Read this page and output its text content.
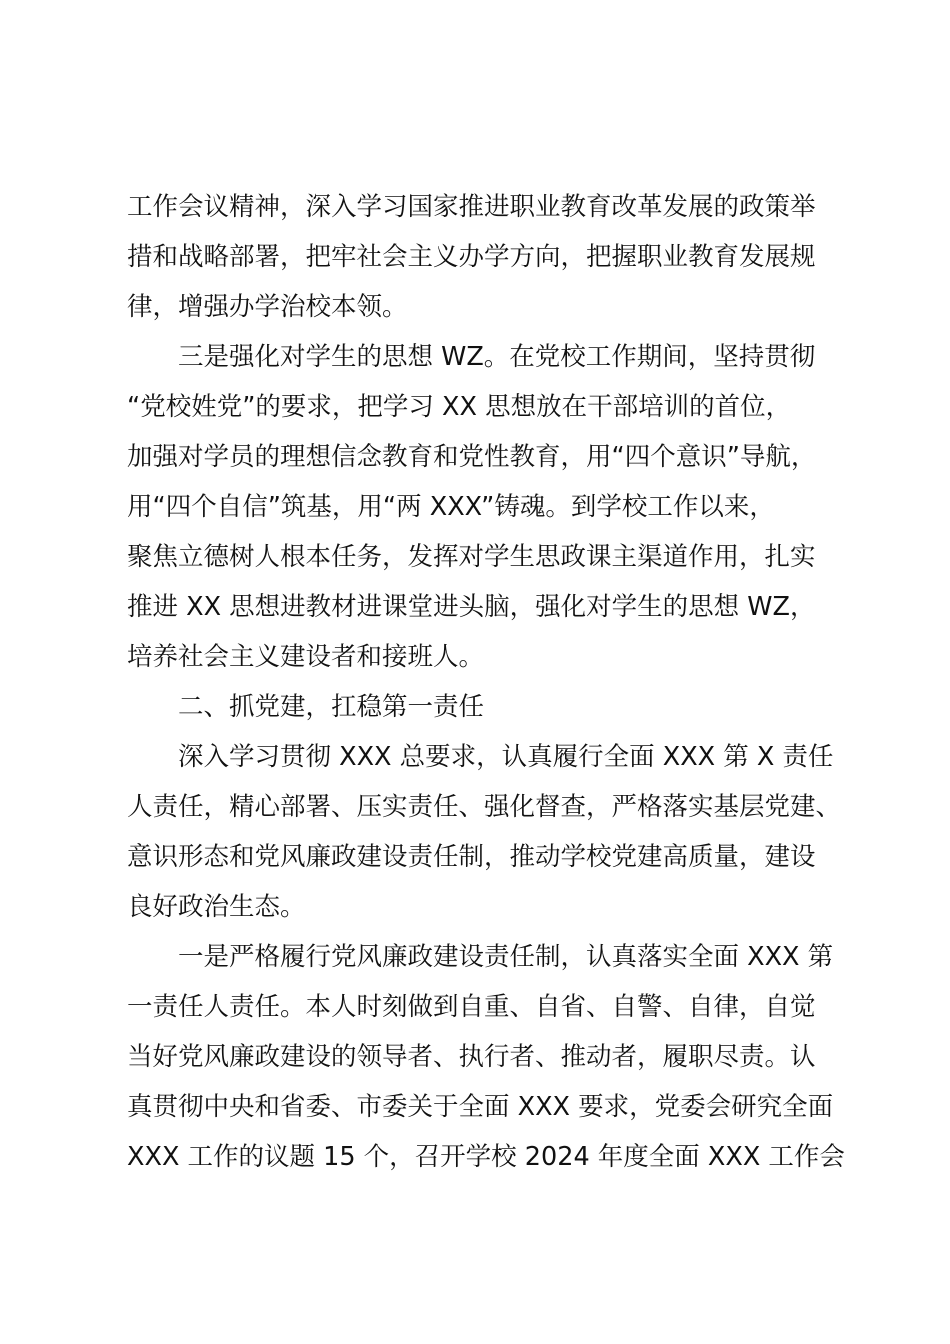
工作会议精神，深入学习国家推进职业教育改革发展的政策举
措和战略部署，把牢社会主义办学方向，把握职业教育发展规
律，增强办学治校本领。
三是强化对学生的思想 WZ。在党校工作期间，坚持贯彻
“党校姓党”的要求，把学习 XX 思想放在干部培训的首位，
加强对学员的理想信念教育和党性教育，用“四个意识”导航，
用“四个自信”筑基，用“两 XXX”铸魂。到学校工作以来，
聚焦立德树人根本任务，发挥对学生思政课主渠道作用，扎实
推进 XX 思想进教材进课堂进头脑，强化对学生的思想 WZ，
培养社会主义建设者和接班人。
二、抓党建，扛稳第一责任
深入学习贯彻 XXX 总要求，认真履行全面 XXX 第 X 责任
人责任，精心部署、压实责任、强化督查，严格落实基层党建、
意识形态和党风廉政建设责任制，推动学校党建高质量，建设
良好政治生态。
一是严格履行党风廉政建设责任制，认真落实全面 XXX 第
一责任人责任。本人时刻做到自重、自省、自警、自律，自觉
当好党风廉政建设的领导者、执行者、推动者，履职尽责。认
真贯彻中央和省委、市委关于全面 XXX 要求，党委会研究全面
XXX 工作的议题 15 个，召开学校 2024 年度全面 XXX 工作会
